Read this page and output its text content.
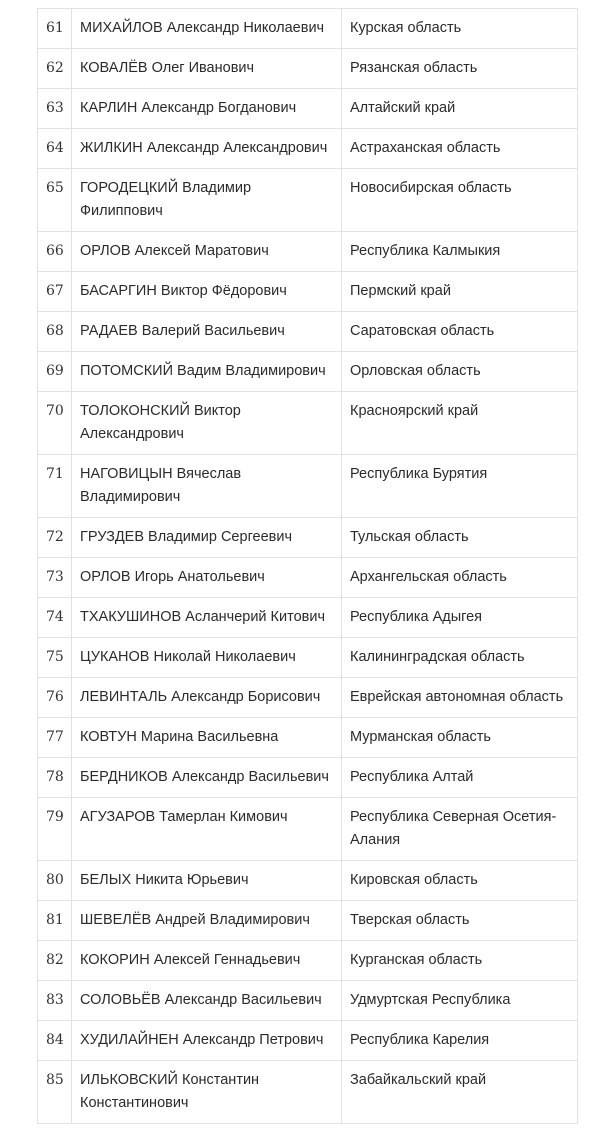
61	МИХАЙЛОВ Александр Николаевич	Курская область
62	КОВАЛЁВ Олег Иванович	Рязанская область
63	КАРЛИН Александр Богданович	Алтайский край
64	ЖИЛКИН Александр Александрович	Астраханская область
65	ГОРОДЕЦКИЙ Владимир Филиппович	Новосибирская область
66	ОРЛОВ Алексей Маратович	Республика Калмыкия
67	БАСАРГИН Виктор Фёдорович	Пермский край
68	РАДАЕВ Валерий Васильевич	Саратовская область
69	ПОТОМСКИЙ Вадим Владимирович	Орловская область
70	ТОЛОКОНСКИЙ Виктор Александрович	Красноярский край
71	НАГОВИЦЫН Вячеслав Владимирович	Республика Бурятия
72	ГРУЗДЕВ Владимир Сергеевич	Тульская область
73	ОРЛОВ Игорь Анатольевич	Архангельская область
74	ТХАКУШИНОВ Асланчерий Китович	Республика Адыгея
75	ЦУКАНОВ Николай Николаевич	Калининградская область
76	ЛЕВИНТАЛЬ Александр Борисович	Еврейская автономная область
77	КОВТУН Марина Васильевна	Мурманская область
78	БЕРДНИКОВ Александр Васильевич	Республика Алтай
79	АГУЗАРОВ Тамерлан Кимович	Республика Северная Осетия-Алания
80	БЕЛЫХ Никита Юрьевич	Кировская область
81	ШЕВЕЛЁВ Андрей Владимирович	Тверская область
82	КОКОРИН Алексей Геннадьевич	Курганская область
83	СОЛОВЬЁВ Александр Васильевич	Удмуртская Республика
84	ХУДИЛАЙНЕН Александр Петрович	Республика Карелия
85	ИЛЬКОВСКИЙ Константин Константинович	Забайкальский край
